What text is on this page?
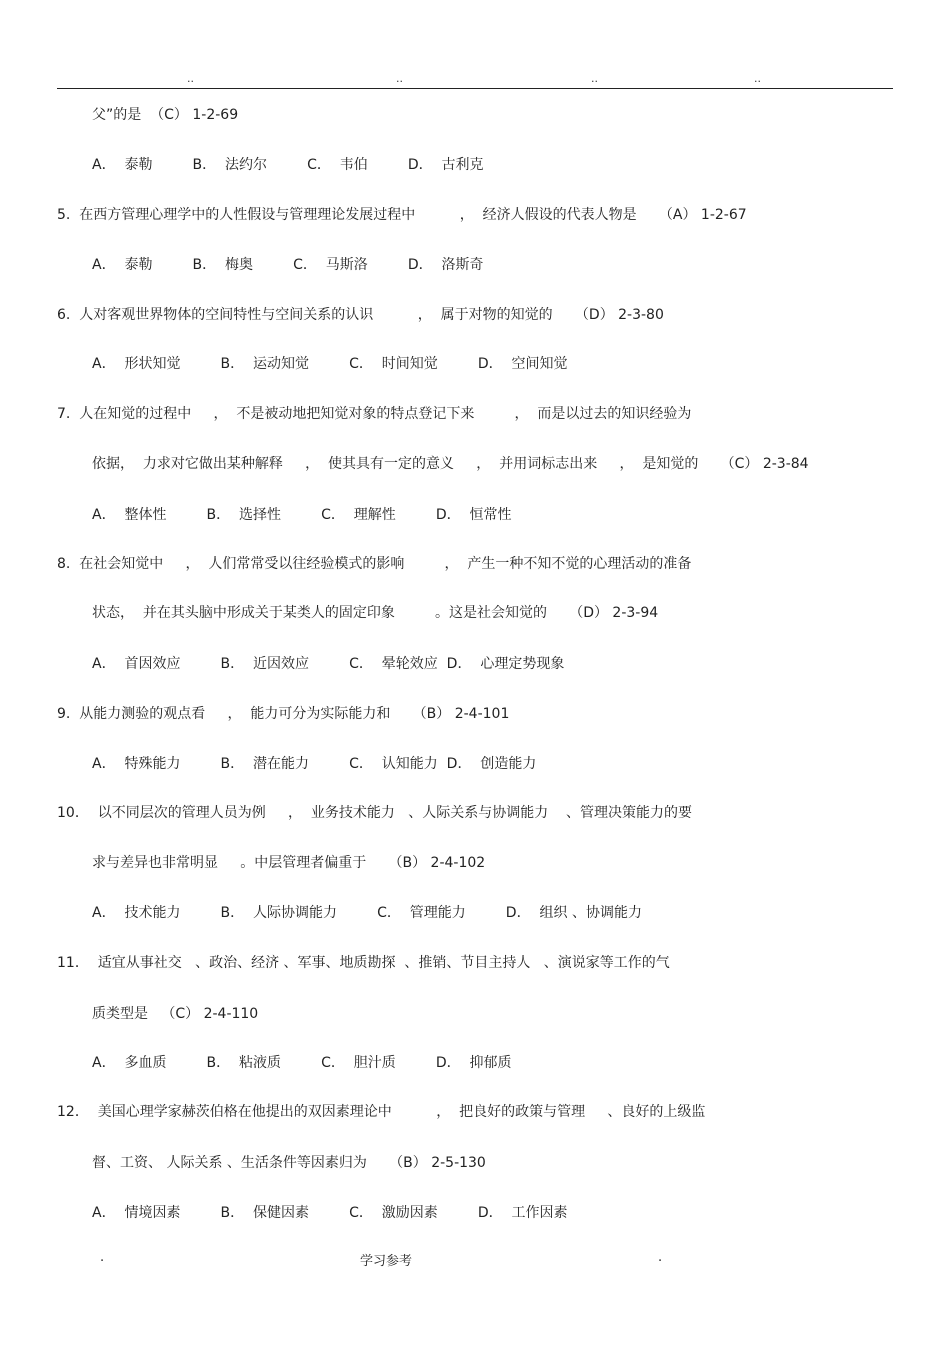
..	..	..	..
父”的是  （C） 1-2-69
A．  泰勒         B．  法约尔         C．  韦伯         D．  古利克
5.  在西方管理心理学中的人性假设与管理理论发展过程中          ，  经济人假设的代表人物是     （A） 1-2-67
A．  泰勒         B．  梅奥         C．  马斯洛         D．  洛斯奇
6.  人对客观世界物体的空间特性与空间关系的认识          ，  属于对物的知觉的     （D） 2-3-80
A．  形状知觉         B．  运动知觉         C．  时间知觉         D．  空间知觉
7.  人在知觉的过程中     ，  不是被动地把知觉对象的特点登记下来         ，  而是以过去的知识经验为
依据，  力求对它做出某种解释     ，  使其具有一定的意义     ，  并用词标志出来     ，  是知觉的     （C） 2-3-84
A．  整体性         B．  选择性         C．  理解性         D．  恒常性
8.  在社会知觉中     ，  人们常常受以往经验模式的影响         ，  产生一种不知不觉的心理活动的准备
状态，  并在其头脑中形成关于某类人的固定印象         。这是社会知觉的     （D） 2-3-94
A．  首因效应         B．  近因效应         C．  晕轮效应  D．  心理定势现象
9.  从能力测验的观点看     ，  能力可分为实际能力和     （B） 2-4-101
A．  特殊能力         B．  潜在能力         C．  认知能力  D．  创造能力
10．  以不同层次的管理人员为例     ，  业务技术能力   、人际关系与协调能力    、管理决策能力的要
求与差异也非常明显     。中层管理者偏重于     （B） 2-4-102
A．  技术能力         B．  人际协调能力         C．  管理能力         D．  组织 、协调能力
11．  适宜从事社交   、政治、经济 、军事、地质勘探  、推销、节目主持人   、演说家等工作的气
质类型是   （C） 2-4-110
A．  多血质         B．  粘液质         C．  胆汁质         D．  抑郁质
12．  美国心理学家赫茨伯格在他提出的双因素理论中          ，  把良好的政策与管理     、良好的上级监
督、工资、 人际关系 、生活条件等因素归为     （B） 2-5-130
A．  情境因素         B．  保健因素         C．  激励因素         D．  工作因素
.	学习参考	.
